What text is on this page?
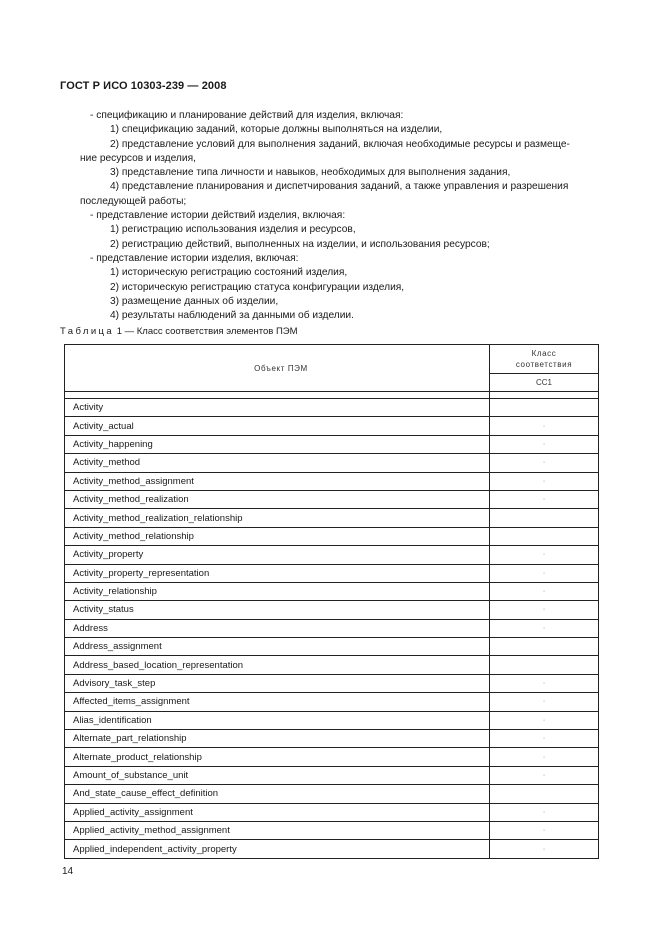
ГОСТ Р ИСО 10303-239 — 2008

- спецификацию и планирование действий для изделия, включая:

1) спецификацию заданий, которые должны выполняться на изделии,

2) представление условий для выполнения заданий, включая необходимые ресурсы и размеще-

ние ресурсов и изделия,

3) представление типа личности и навыков, необходимых для выполнения задания,

4) представление планирования и диспетчирования заданий, а также управления и разрешения

последующей работы;

- представление истории действий изделия, включая:

1) регистрацию использования изделия и ресурсов,

2) регистрацию действий, выполненных на изделии, и использования ресурсов;

- представление истории изделия, включая:

1) историческую регистрацию состояний изделия,

2) историческую регистрацию статуса конфигурации изделия,

3) размещение данных об изделии,

4) результаты наблюдений за данными об изделии.

Таблица 1 — Класс соответствия элементов ПЭМ
Объект ПЭМ	Класс
соответствия
	CC1

Activity	
Activity_actual	·
Activity_happening	·
Activity_method	·
Activity_method_assignment	·
Activity_method_realization	·
Activity_method_realization_relationship	
Activity_method_relationship	
Activity_property	·
Activity_property_representation	·
Activity_relationship	·
Activity_status	·
Address	·
Address_assignment	
Address_based_location_representation	
Advisory_task_step	·
Affected_items_assignment	·
Alias_identification	·
Alternate_part_relationship	·
Alternate_product_relationship	·
Amount_of_substance_unit	·
And_state_cause_effect_definition	
Applied_activity_assignment	·
Applied_activity_method_assignment	·
Applied_independent_activity_property	·
14
